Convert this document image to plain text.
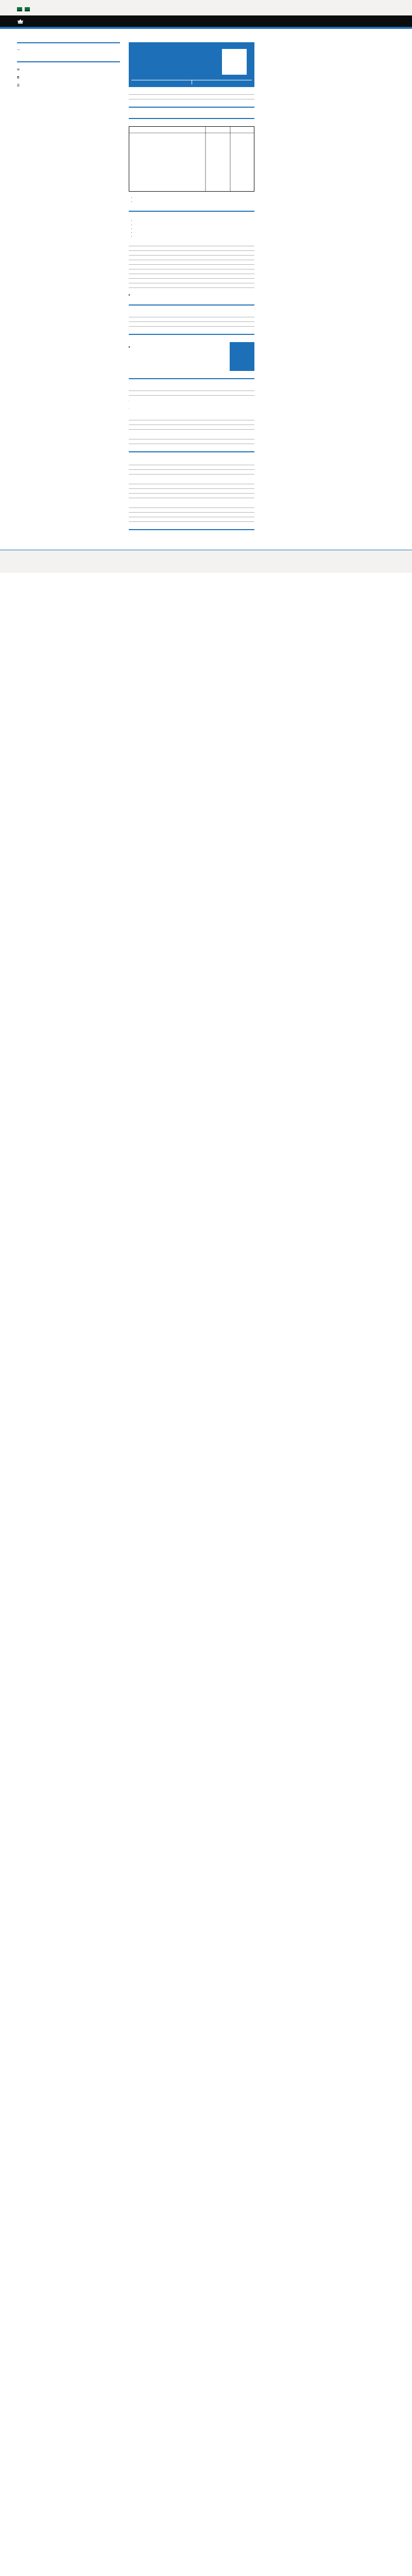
✉
⧉
⎙

•
•

•
•
•
•
•

▸

▸

.

.
